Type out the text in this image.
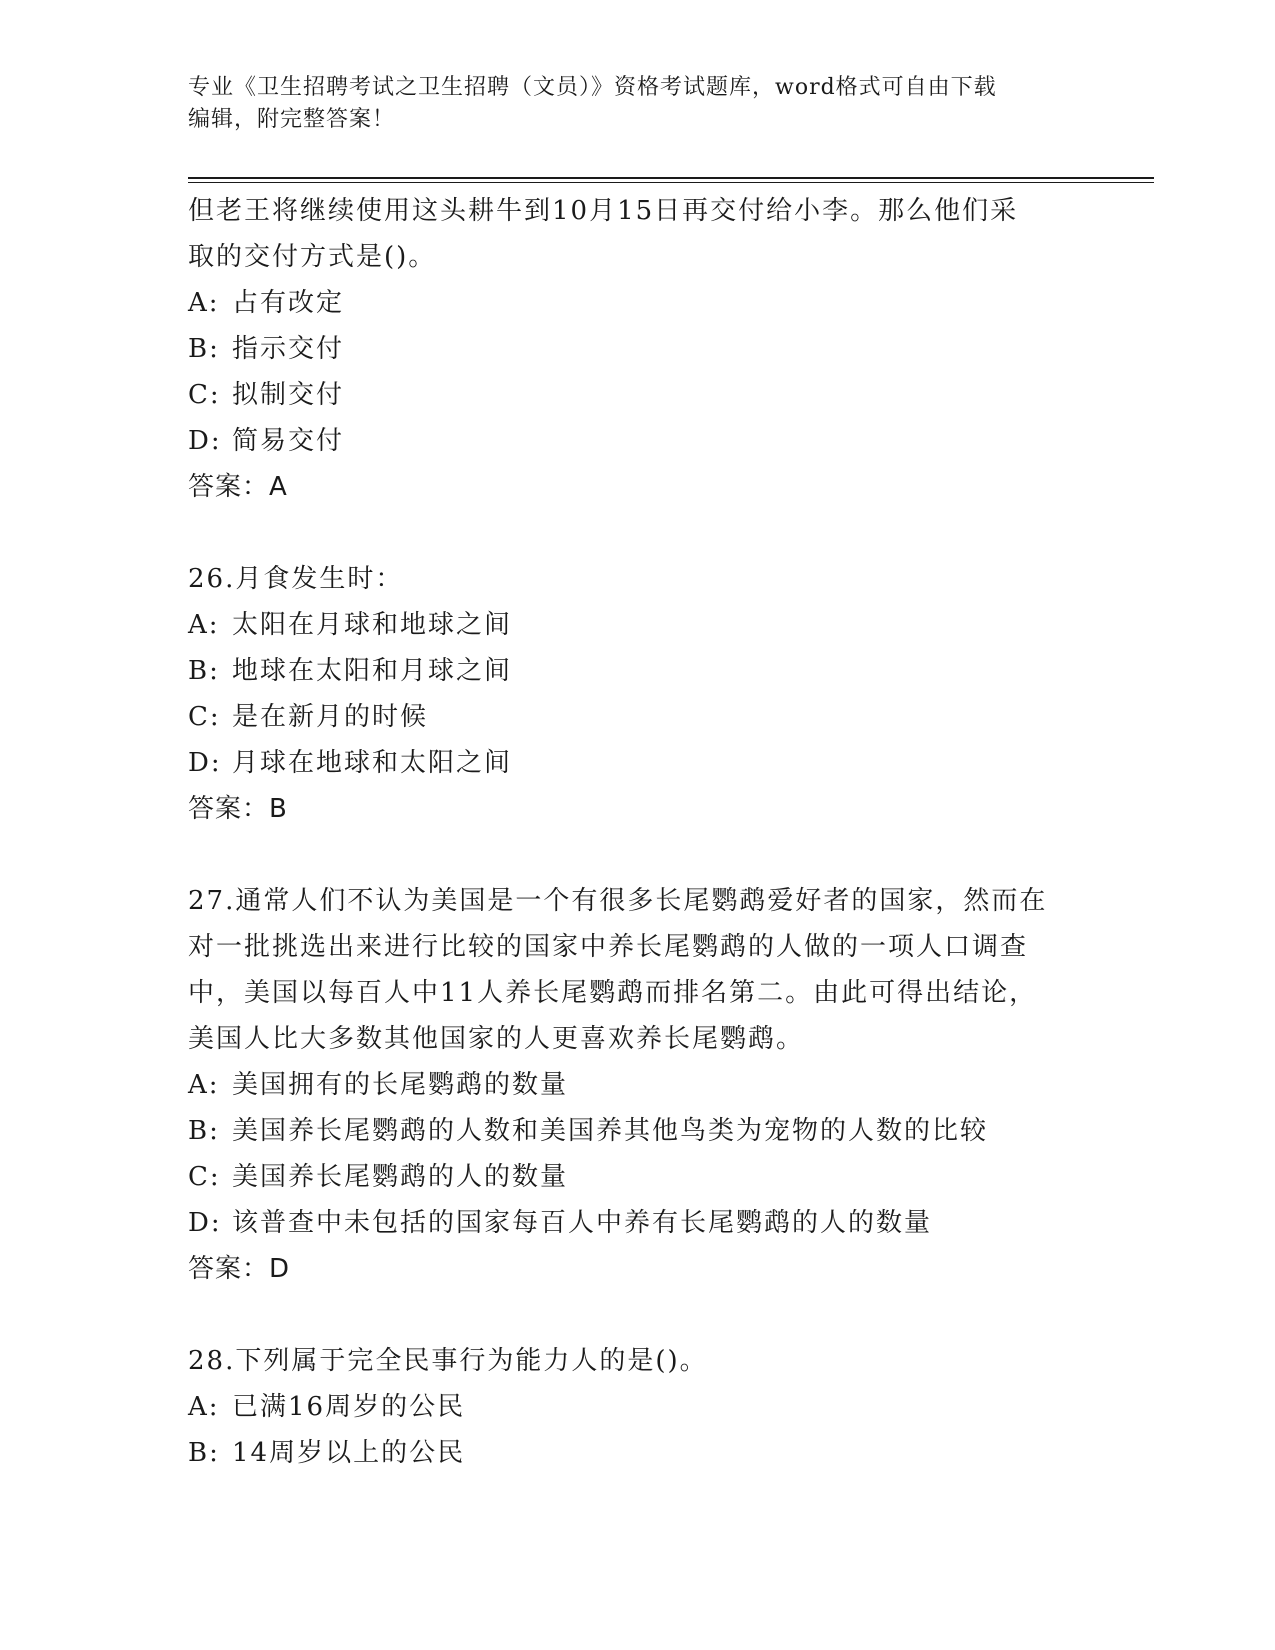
专业《卫生招聘考试之卫生招聘（文员）》资格考试题库，word格式可自由下载
编辑，附完整答案！
但老王将继续使用这头耕牛到10月15日再交付给小李。那么他们采
取的交付方式是()。
A: 占有改定
B: 指示交付
C: 拟制交付
D: 简易交付
答案：A
26.月食发生时：
A: 太阳在月球和地球之间
B: 地球在太阳和月球之间
C: 是在新月的时候
D: 月球在地球和太阳之间
答案：B
27.通常人们不认为美国是一个有很多长尾鹦鹉爱好者的国家，然而在
对一批挑选出来进行比较的国家中养长尾鹦鹉的人做的一项人口调查
中，美国以每百人中11人养长尾鹦鹉而排名第二。由此可得出结论，
美国人比大多数其他国家的人更喜欢养长尾鹦鹉。
A: 美国拥有的长尾鹦鹉的数量
B: 美国养长尾鹦鹉的人数和美国养其他鸟类为宠物的人数的比较
C: 美国养长尾鹦鹉的人的数量
D: 该普查中未包括的国家每百人中养有长尾鹦鹉的人的数量
答案：D
28.下列属于完全民事行为能力人的是()。
A: 已满16周岁的公民
B: 14周岁以上的公民
